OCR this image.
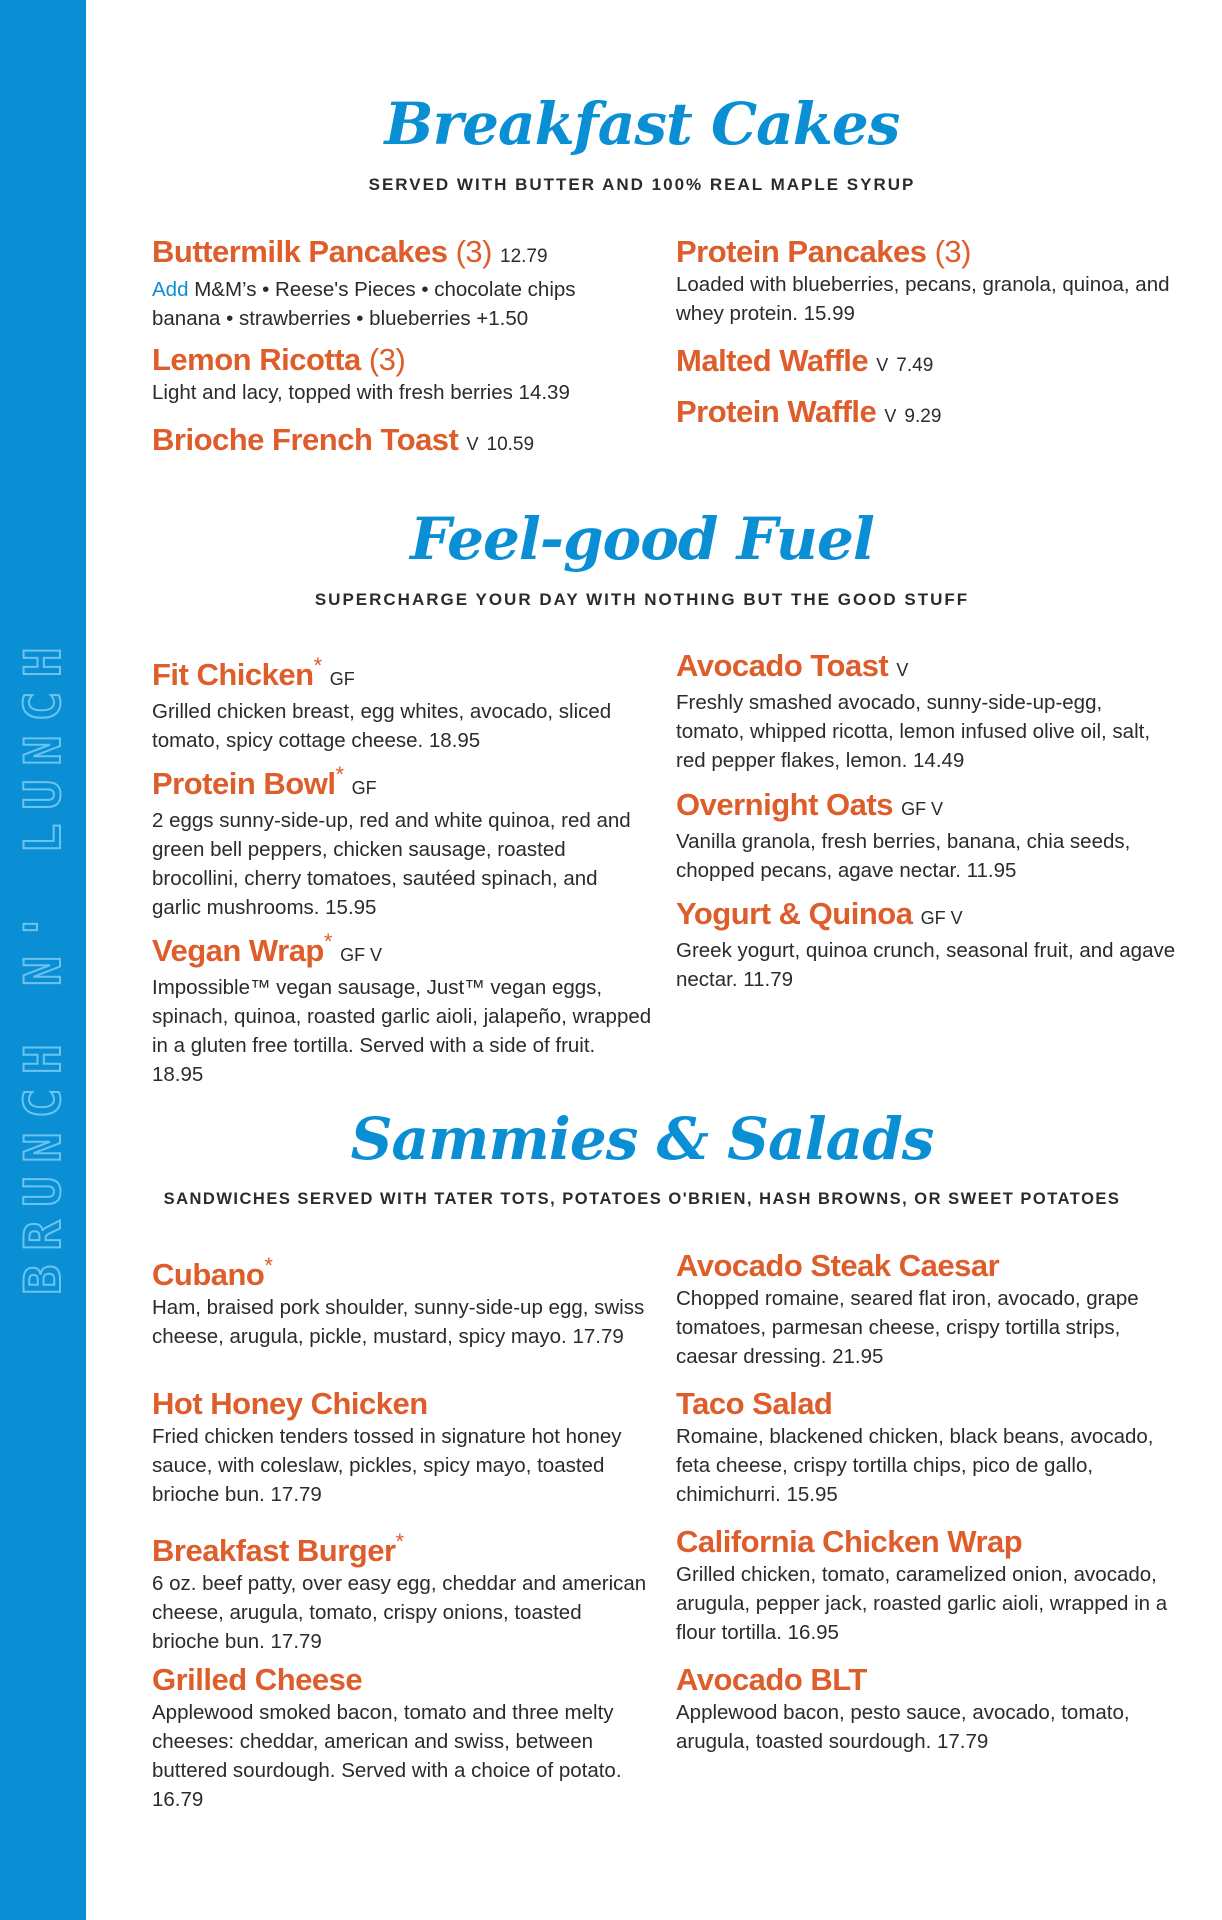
BRUNCH N' LUNCH
Breakfast Cakes
SERVED WITH BUTTER AND 100% REAL MAPLE SYRUP
Buttermilk Pancakes (3) 12.79
Add M&M’s • Reese's Pieces • chocolate chips
banana • strawberries • blueberries +1.50
Lemon Ricotta (3)
Light and lacy, topped with fresh berries 14.39
Brioche French Toast V 10.59
Protein Pancakes (3)
Loaded with blueberries, pecans, granola, quinoa, and whey protein. 15.99
Malted Waffle V 7.49
Protein Waffle V 9.29
Feel-good Fuel
SUPERCHARGE YOUR DAY WITH NOTHING BUT THE GOOD STUFF
Fit Chicken* GF
Grilled chicken breast, egg whites, avocado, sliced tomato, spicy cottage cheese. 18.95
Protein Bowl* GF
2 eggs sunny-side-up, red and white quinoa, red and green bell peppers, chicken sausage, roasted brocollini, cherry tomatoes, sautéed spinach, and garlic mushrooms. 15.95
Vegan Wrap* GF V
Impossible™ vegan sausage, Just™ vegan eggs, spinach, quinoa, roasted garlic aioli, jalapeño, wrapped in a gluten free tortilla. Served with a side of fruit. 18.95
Avocado Toast V
Freshly smashed avocado, sunny-side-up-egg, tomato, whipped ricotta, lemon infused olive oil, salt, red pepper flakes, lemon. 14.49
Overnight Oats GF V
Vanilla granola, fresh berries, banana, chia seeds, chopped pecans, agave nectar. 11.95
Yogurt & Quinoa GF V
Greek yogurt, quinoa crunch, seasonal fruit, and agave nectar. 11.79
Sammies & Salads
SANDWICHES SERVED WITH TATER TOTS, POTATOES O'BRIEN, HASH BROWNS, OR SWEET POTATOES
Cubano*
Ham, braised pork shoulder, sunny-side-up egg, swiss cheese, arugula, pickle, mustard, spicy mayo. 17.79
Hot Honey Chicken
Fried chicken tenders tossed in signature hot honey sauce, with coleslaw, pickles, spicy mayo, toasted brioche bun. 17.79
Breakfast Burger*
6 oz. beef patty, over easy egg, cheddar and american cheese, arugula, tomato, crispy onions, toasted brioche bun. 17.79
Grilled Cheese
Applewood smoked bacon, tomato and three melty cheeses: cheddar, american and swiss, between buttered sourdough. Served with a choice of potato. 16.79
Avocado Steak Caesar
Chopped romaine, seared flat iron, avocado, grape tomatoes, parmesan cheese, crispy tortilla strips, caesar dressing. 21.95
Taco Salad
Romaine, blackened chicken, black beans, avocado, feta cheese, crispy tortilla chips, pico de gallo, chimichurri. 15.95
California Chicken Wrap
Grilled chicken, tomato, caramelized onion, avocado, arugula, pepper jack, roasted garlic aioli, wrapped in a flour tortilla. 16.95
Avocado BLT
Applewood bacon, pesto sauce, avocado, tomato, arugula, toasted sourdough. 17.79
